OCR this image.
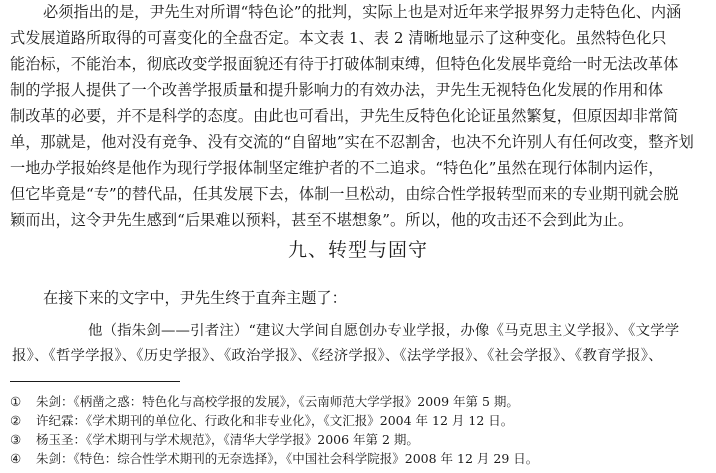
必须指出的是，尹先生对所谓“特色论”的批判，实际上也是对近年来学报界努力走特色化、内涵
式发展道路所取得的可喜变化的全盘否定。本文表 1、表 2 清晰地显示了这种变化。虽然特色化只
能治标，不能治本，彻底改变学报面貌还有待于打破体制束缚，但特色化发展毕竟给一时无法改革体
制的学报人提供了一个改善学报质量和提升影响力的有效办法，尹先生无视特色化发展的作用和体
制改革的必要，并不是科学的态度。由此也可看出，尹先生反特色化论证虽然繁复，但原因却非常简
单，那就是，他对没有竞争、没有交流的“自留地”实在不忍割舍，也决不允许别人有任何改变，整齐划
一地办学报始终是他作为现行学报体制坚定维护者的不二追求。“特色化”虽然在现行体制内运作，
但它毕竟是“专”的替代品，任其发展下去，体制一旦松动，由综合性学报转型而来的专业期刊就会脱
颖而出，这令尹先生感到“后果难以预料，甚至不堪想象”。所以，他的攻击还不会到此为止。
九、转型与固守
在接下来的文字中，尹先生终于直奔主题了：
他（指朱剑——引者注）“建议大学间自愿创办专业学报，办像《马克思主义学报》、《文学学
报》、《哲学学报》、《历史学报》、《政治学报》、《经济学报》、《法学学报》、《社会学报》、《教育学报》、
① 朱剑：《柄凿之惑：特色化与高校学报的发展》，《云南师范大学学报》2009 年第 5 期。
② 许纪霖：《学术期刊的单位化、行政化和非专业化》，《文汇报》2004 年 12 月 12 日。
③ 杨玉圣：《学术期刊与学术规范》，《清华大学学报》2006 年第 2 期。
④ 朱剑：《特色：综合性学术期刊的无奈选择》，《中国社会科学院报》2008 年 12 月 29 日。
